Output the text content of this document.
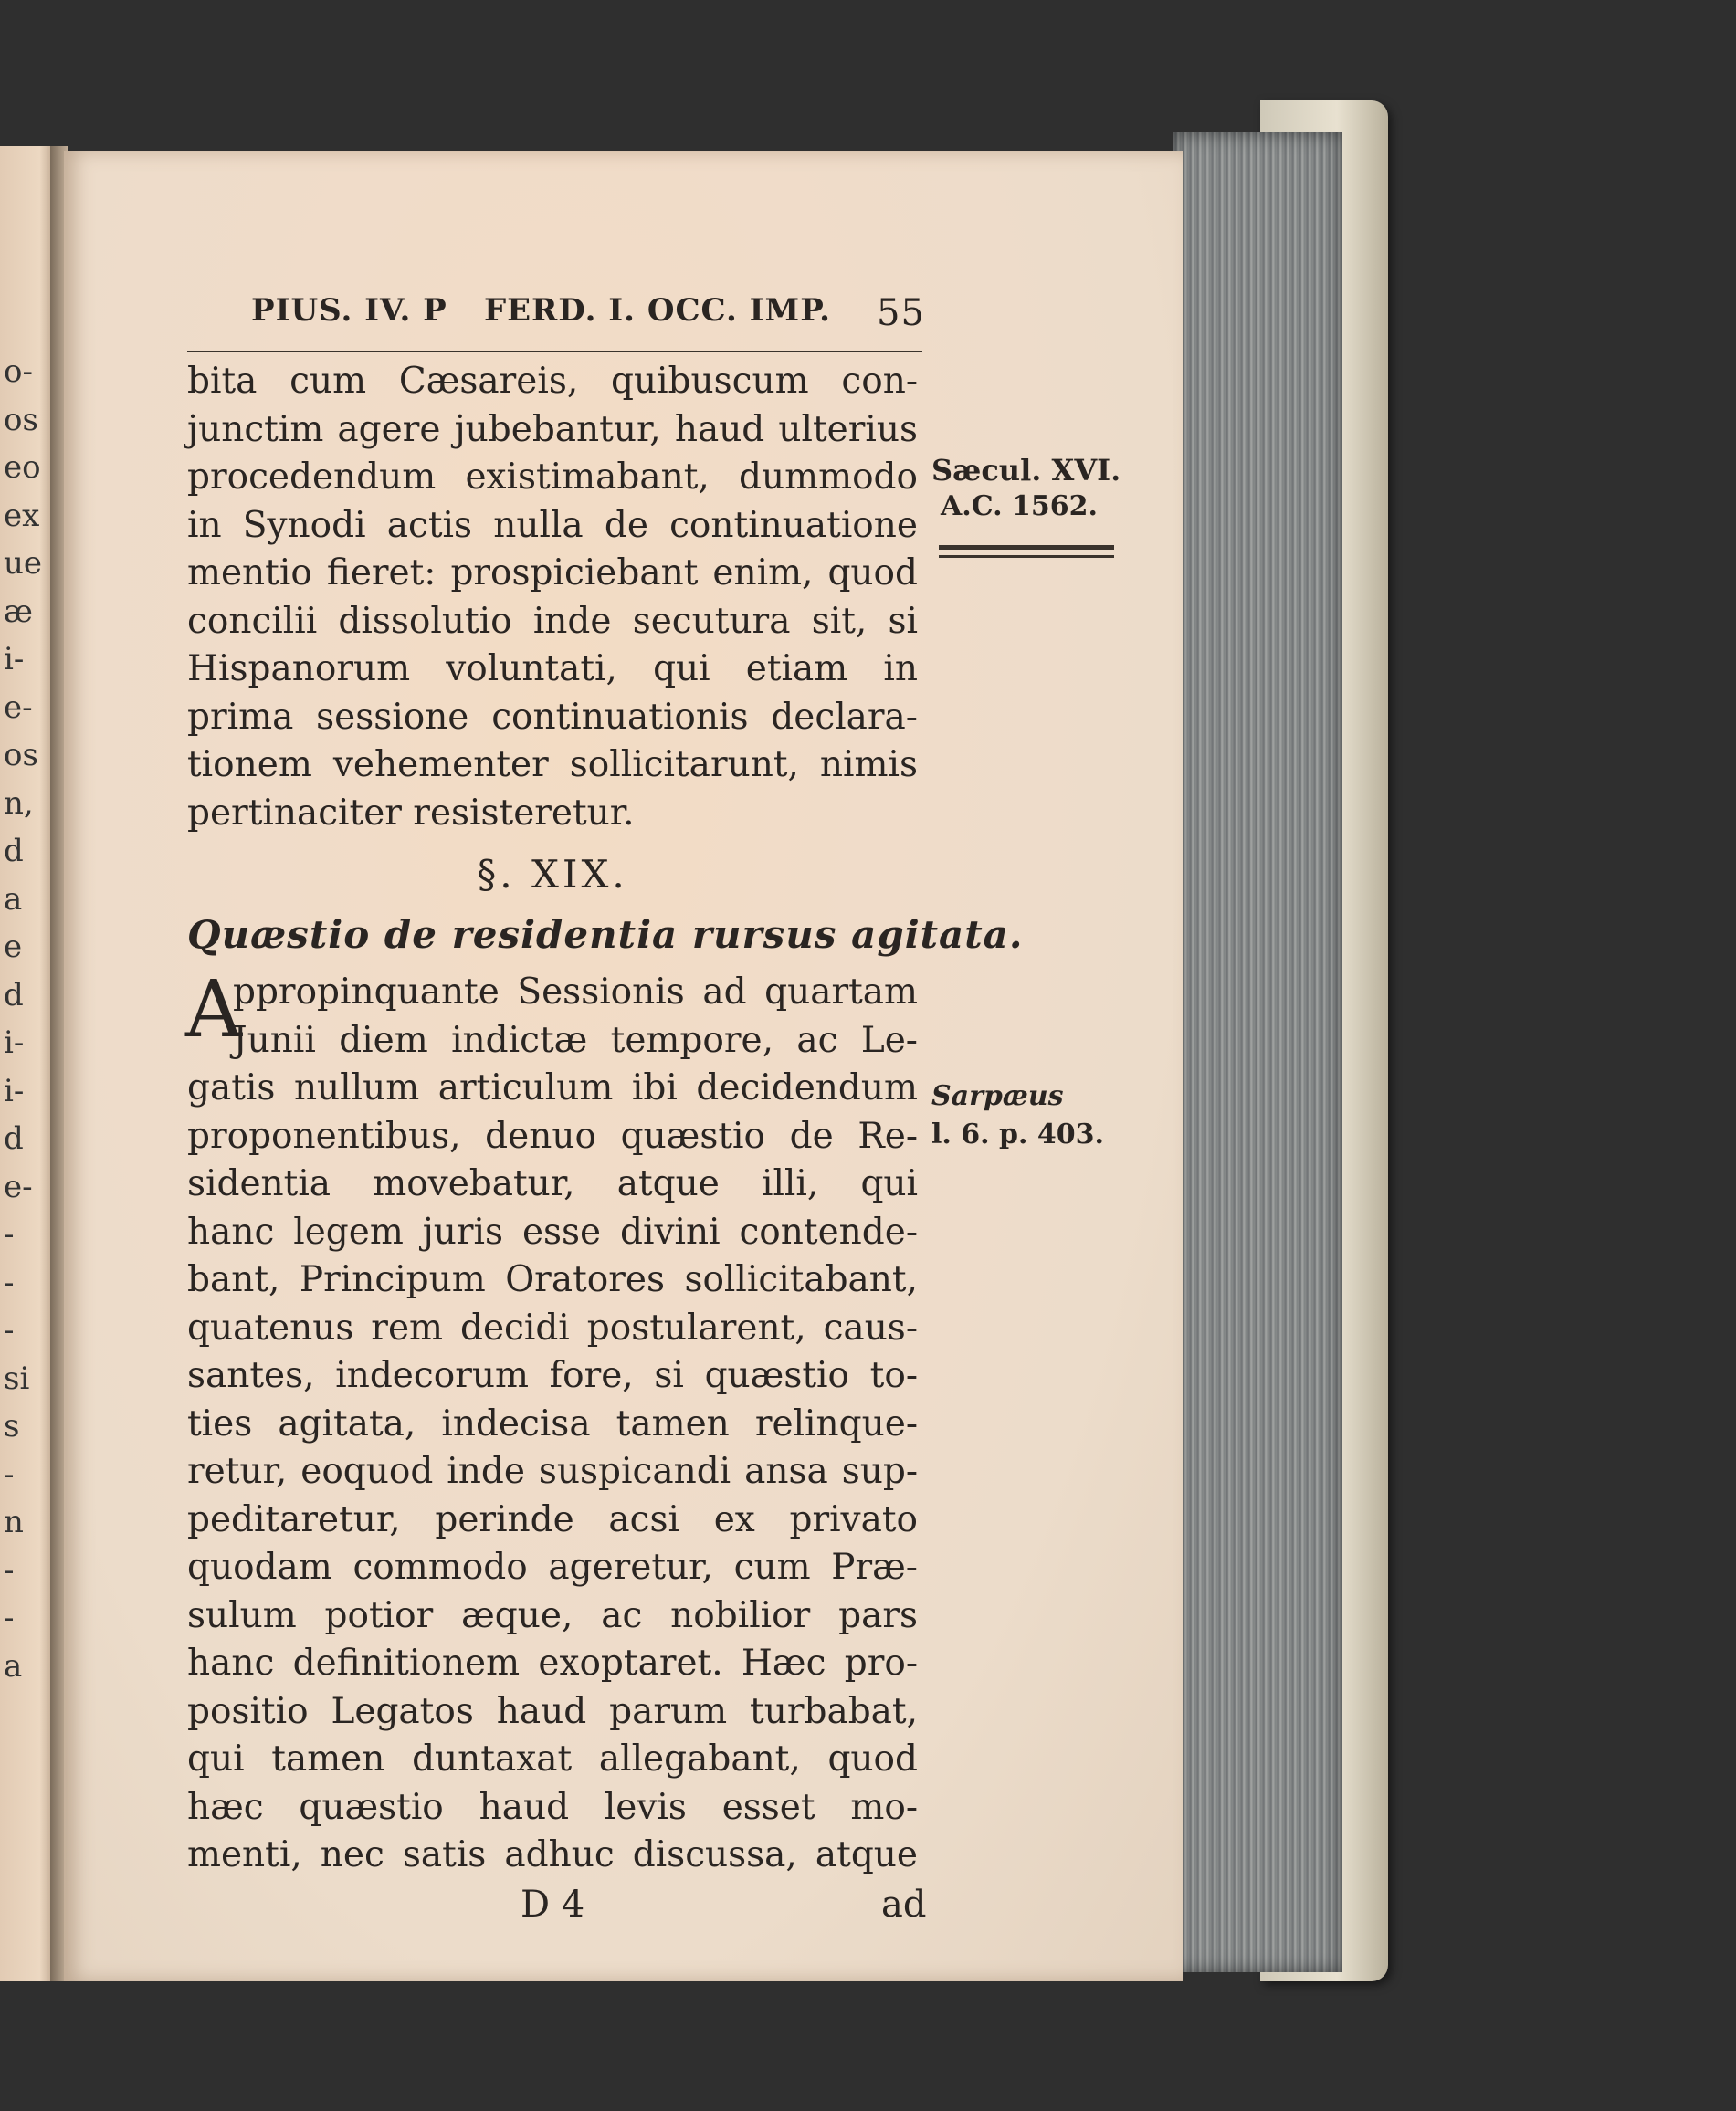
o-
os
eo
ex
ue
æ
i-
e-
os
n,
d
a
e
d
i-
i-
d
e-
-
-
-
si
s
-
n
-
-
a
PIUS. IV. P FERD. I. OCC. IMP. 55
bita cum Cæsareis, quibuscum con-
junctim agere jubebantur, haud ulterius
procedendum existimabant, dummodo
in Synodi actis nulla de continuatione
mentio fieret: prospiciebant enim, quod
concilii dissolutio inde secutura sit, si
Hispanorum voluntati, qui etiam in
prima sessione continuationis declara-
tionem vehementer sollicitarunt, nimis
pertinaciter resisteretur.
§. XIX.
Quæstio de residentia rursus agitata.
A
ppropinquante Sessionis ad quartam
Junii diem indictæ tempore, ac Le-
gatis nullum articulum ibi decidendum
proponentibus, denuo quæstio de Re-
sidentia movebatur, atque illi, qui
hanc legem juris esse divini contende-
bant, Principum Oratores sollicitabant,
quatenus rem decidi postularent, caus-
santes, indecorum fore, si quæstio to-
ties agitata, indecisa tamen relinque-
retur, eoquod inde suspicandi ansa sup-
peditaretur, perinde acsi ex privato
quodam commodo ageretur, cum Præ-
sulum potior æque, ac nobilior pars
hanc definitionem exoptaret. Hæc pro-
positio Legatos haud parum turbabat,
qui tamen duntaxat allegabant, quod
hæc quæstio haud levis esset mo-
menti, nec satis adhuc discussa, atque
D 4	ad
Sæcul. XVI.
A.C. 1562.
Sarpæus
l. 6. p. 403.
